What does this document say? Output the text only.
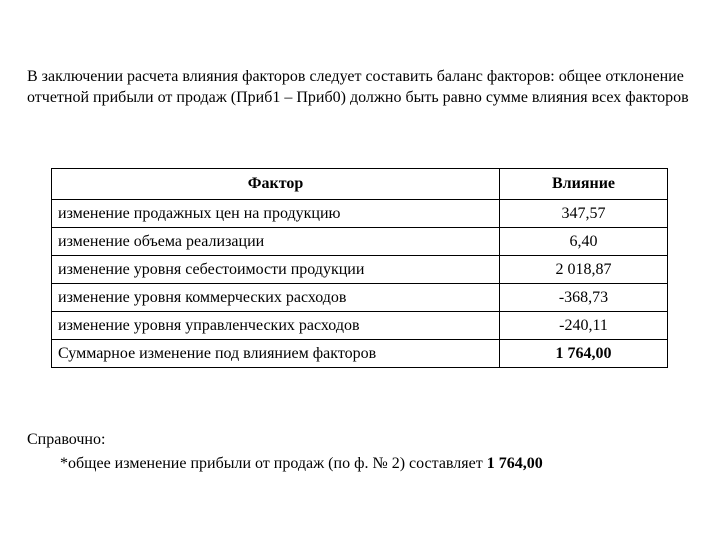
В заключении расчета влияния факторов следует составить баланс факторов: общее отклонение отчетной прибыли от продаж (Приб1 – Приб0) должно быть равно сумме влияния всех факторов

Фактор	Влияние
изменение продажных цен на продукцию	347,57
изменение объема реализации	6,40
изменение уровня себестоимости продукции	2 018,87
изменение уровня коммерческих расходов	-368,73
изменение уровня управленческих расходов	-240,11
Суммарное изменение под влиянием факторов	1 764,00

Справочно:

*общее изменение прибыли от продаж (по ф. № 2) составляет 1 764,00
